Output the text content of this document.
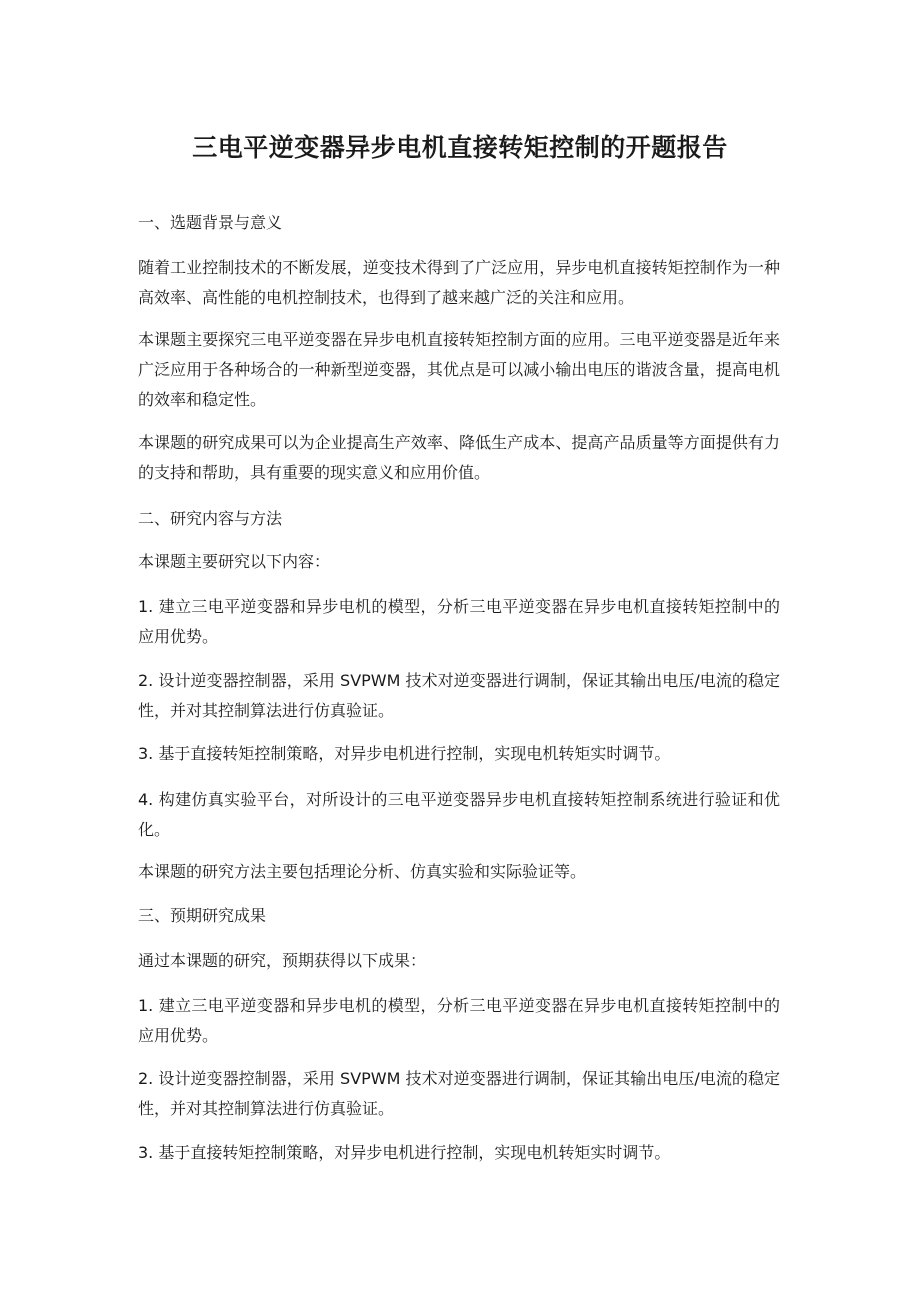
三电平逆变器异步电机直接转矩控制的开题报告

一、选题背景与意义

随着工业控制技术的不断发展，逆变技术得到了广泛应用，异步电机直接转矩控制作为一种高效率、高性能的电机控制技术，也得到了越来越广泛的关注和应用。

本课题主要探究三电平逆变器在异步电机直接转矩控制方面的应用。三电平逆变器是近年来广泛应用于各种场合的一种新型逆变器，其优点是可以减小输出电压的谐波含量，提高电机的效率和稳定性。

本课题的研究成果可以为企业提高生产效率、降低生产成本、提高产品质量等方面提供有力的支持和帮助，具有重要的现实意义和应用价值。

二、研究内容与方法

本课题主要研究以下内容：

1. 建立三电平逆变器和异步电机的模型，分析三电平逆变器在异步电机直接转矩控制中的应用优势。

2. 设计逆变器控制器，采用 SVPWM 技术对逆变器进行调制，保证其输出电压/电流的稳定性，并对其控制算法进行仿真验证。

3. 基于直接转矩控制策略，对异步电机进行控制，实现电机转矩实时调节。

4. 构建仿真实验平台，对所设计的三电平逆变器异步电机直接转矩控制系统进行验证和优化。

本课题的研究方法主要包括理论分析、仿真实验和实际验证等。

三、预期研究成果

通过本课题的研究，预期获得以下成果：

1. 建立三电平逆变器和异步电机的模型，分析三电平逆变器在异步电机直接转矩控制中的应用优势。

2. 设计逆变器控制器，采用 SVPWM 技术对逆变器进行调制，保证其输出电压/电流的稳定性，并对其控制算法进行仿真验证。

3. 基于直接转矩控制策略，对异步电机进行控制，实现电机转矩实时调节。
